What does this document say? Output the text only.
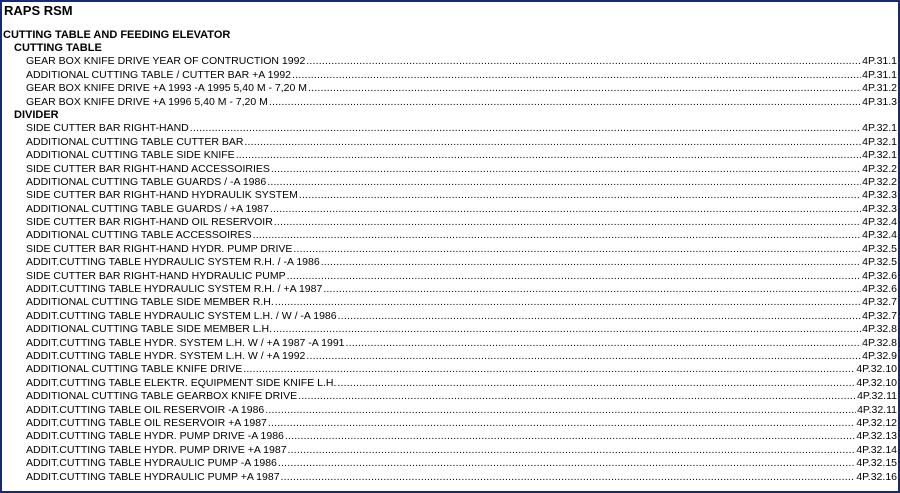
RAPS RSM
CUTTING TABLE AND FEEDING ELEVATOR
CUTTING TABLE
GEAR BOX KNIFE DRIVE YEAR OF CONTRUCTION 1992 .....	4P.31.1
ADDITIONAL CUTTING TABLE / CUTTER BAR +A 1992 .....	4P.31.1
GEAR BOX KNIFE DRIVE +A 1993 -A 1995 5,40 M - 7,20 M .....	4P.31.2
GEAR BOX KNIFE DRIVE +A 1996 5,40 M - 7,20 M .....	4P.31.3
DIVIDER
SIDE CUTTER BAR RIGHT-HAND .....	4P.32.1
ADDITIONAL CUTTING TABLE CUTTER BAR .....	4P.32.1
ADDITIONAL CUTTING TABLE SIDE KNIFE .....	4P.32.1
SIDE CUTTER BAR RIGHT-HAND ACCESSOIRIES .....	4P.32.2
ADDITIONAL CUTTING TABLE GUARDS / -A 1986 .....	4P.32.2
SIDE CUTTER BAR RIGHT-HAND HYDRAULIK SYSTEM .....	4P.32.3
ADDITIONAL CUTTING TABLE GUARDS / +A 1987 .....	4P.32.3
SIDE CUTTER BAR RIGHT-HAND OIL RESERVOIR .....	4P.32.4
ADDITIONAL CUTTING TABLE ACCESSOIRES .....	4P.32.4
SIDE CUTTER BAR RIGHT-HAND HYDR. PUMP DRIVE .....	4P.32.5
ADDIT.CUTTING TABLE HYDRAULIC SYSTEM R.H. / -A 1986 .....	4P.32.5
SIDE CUTTER BAR RIGHT-HAND HYDRAULIC PUMP .....	4P.32.6
ADDIT.CUTTING TABLE HYDRAULIC SYSTEM R.H. / +A 1987 .....	4P.32.6
ADDITIONAL CUTTING TABLE SIDE MEMBER R.H. .....	4P.32.7
ADDIT.CUTTING TABLE HYDRAULIC SYSTEM L.H. / W / -A 1986 .....	4P.32.7
ADDITIONAL CUTTING TABLE SIDE MEMBER L.H. .....	4P.32.8
ADDIT.CUTTING TABLE HYDR. SYSTEM L.H. W / +A 1987 -A 1991 .....	4P.32.8
ADDIT.CUTTING TABLE HYDR. SYSTEM L.H. W / +A 1992 .....	4P.32.9
ADDITIONAL CUTTING TABLE KNIFE DRIVE .....	4P.32.10
ADDIT.CUTTING TABLE ELEKTR. EQUIPMENT SIDE KNIFE L.H. .....	4P.32.10
ADDITIONAL CUTTING TABLE GEARBOX KNIFE DRIVE .....	4P.32.11
ADDIT.CUTTING TABLE OIL RESERVOIR -A 1986 .....	4P.32.11
ADDIT.CUTTING TABLE OIL RESERVOIR +A 1987 .....	4P.32.12
ADDIT.CUTTING TABLE HYDR. PUMP DRIVE -A 1986 .....	4P.32.13
ADDIT.CUTTING TABLE HYDR. PUMP DRIVE +A 1987 .....	4P.32.14
ADDIT.CUTTING TABLE HYDRAULIC PUMP -A 1986 .....	4P.32.15
ADDIT.CUTTING TABLE HYDRAULIC PUMP +A 1987 .....	4P.32.16
